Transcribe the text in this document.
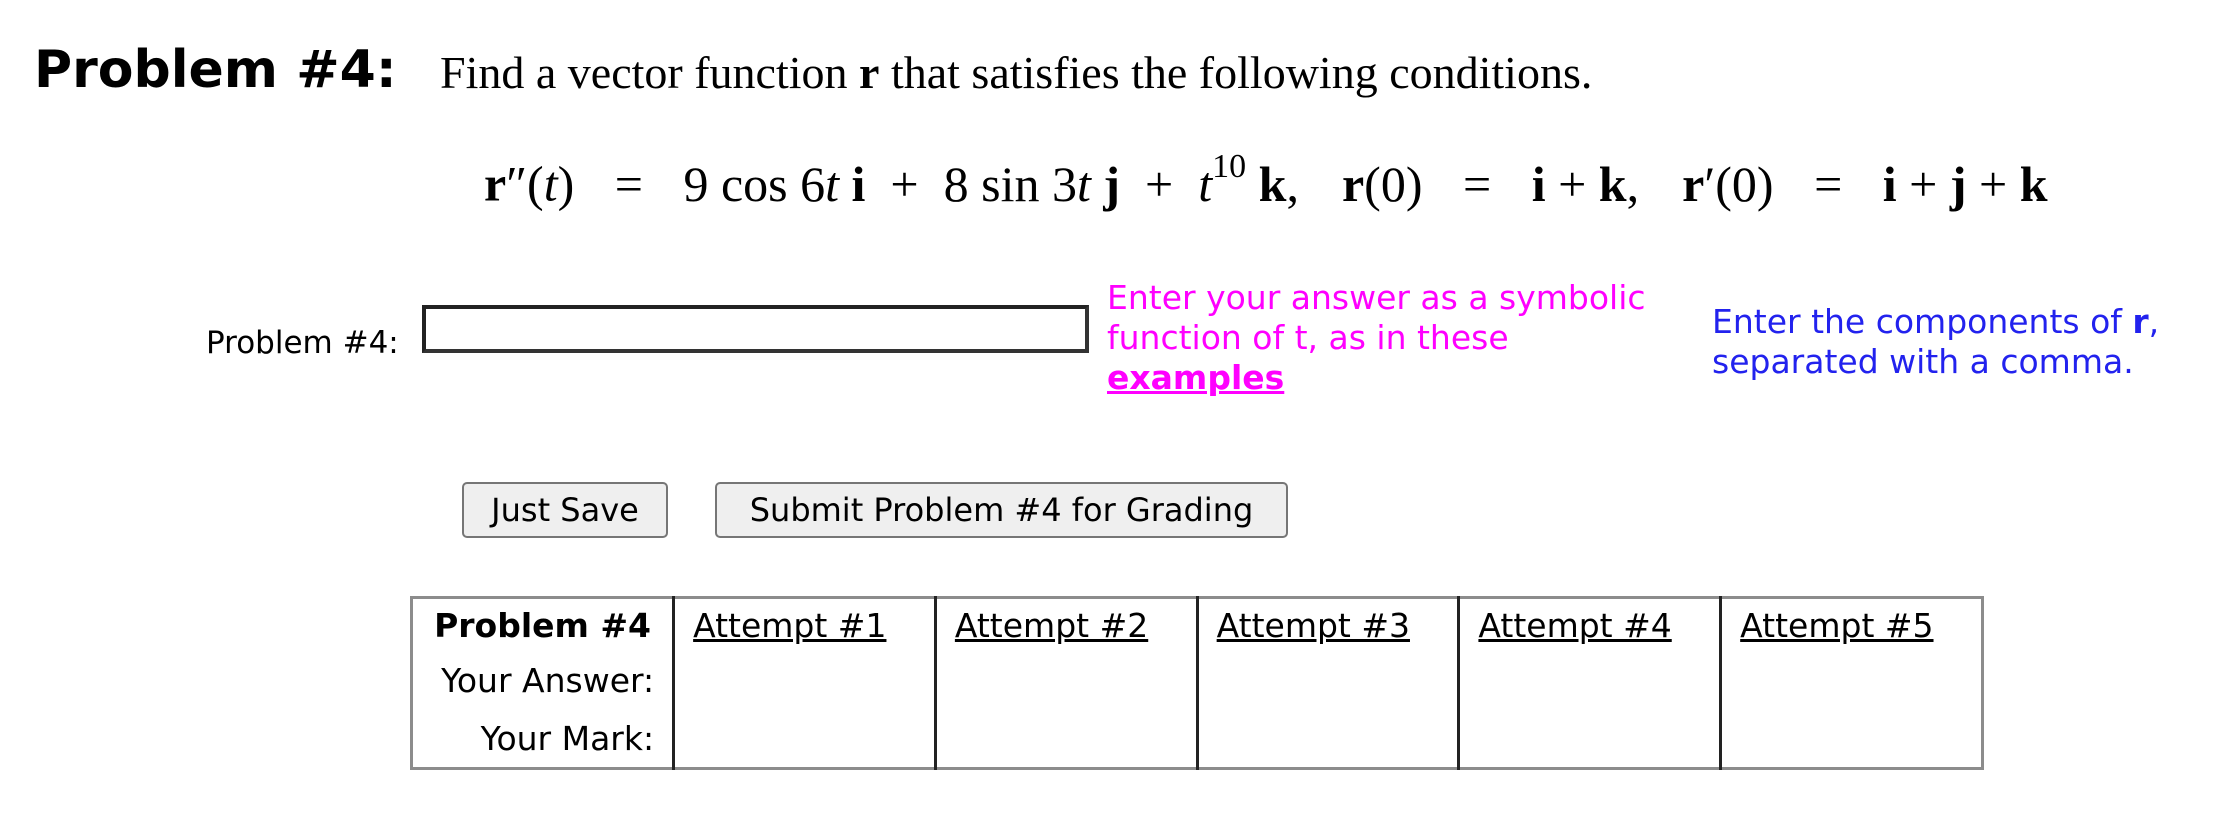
Problem #4: Find a vector function r that satisfies the following conditions.
r″(t) = 9 cos 6t i  +  8 sin 3t $j + t^{10}$ k, r(0) = i + k, r′(0) = i + j + k
Problem #4:
Enter your answer as a symbolic function of t, as in these
examples
Enter the components of r, separated with a comma.
Just Save	Submit Problem #4 for Grading
Problem #4	Attempt #1	Attempt #2	Attempt #3	Attempt #4	Attempt #5
Your Answer:					
Your Mark:					
